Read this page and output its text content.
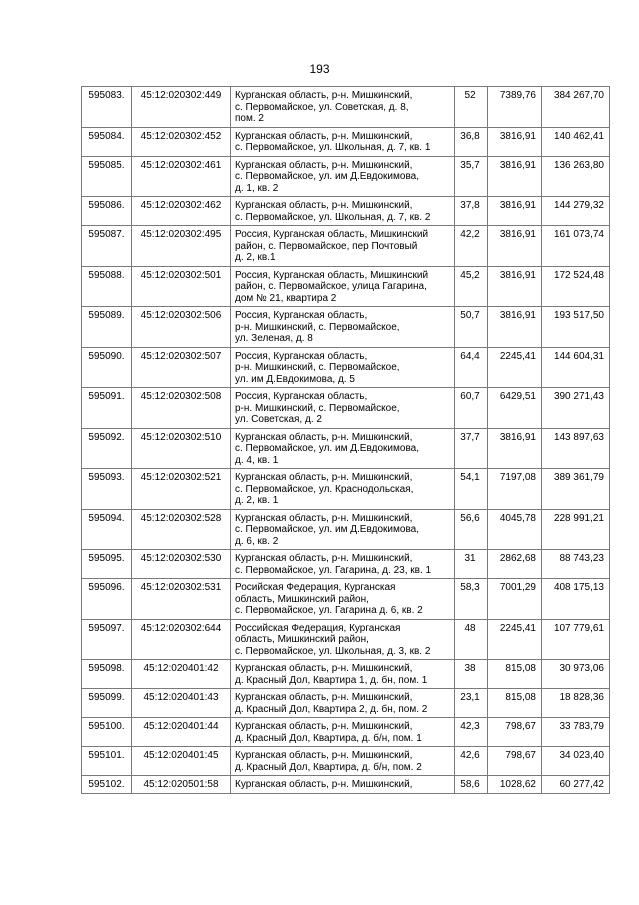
193
595083.	45:12:020302:449	Курганская область, р-н. Мишкинский,
с. Первомайское, ул. Советская, д. 8,
пом. 2	52	7389,76	384 267,70
595084.	45:12:020302:452	Курганская область, р-н. Мишкинский,
с. Первомайское, ул. Школьная, д. 7, кв. 1	36,8	3816,91	140 462,41
595085.	45:12:020302:461	Курганская область, р-н. Мишкинский,
с. Первомайское, ул. им Д.Евдокимова,
д. 1, кв. 2	35,7	3816,91	136 263,80
595086.	45:12:020302:462	Курганская область, р-н. Мишкинский,
с. Первомайское, ул. Школьная, д. 7, кв. 2	37,8	3816,91	144 279,32
595087.	45:12:020302:495	Россия, Курганская область, Мишкинский
район, с. Первомайское, пер Почтовый
д. 2, кв.1	42,2	3816,91	161 073,74
595088.	45:12:020302:501	Россия, Курганская область, Мишкинский
район, с. Первомайское, улица Гагарина,
дом № 21, квартира 2	45,2	3816,91	172 524,48
595089.	45:12:020302:506	Россия, Курганская область,
р-н. Мишкинский, с. Первомайское,
ул. Зеленая, д. 8	50,7	3816,91	193 517,50
595090.	45:12:020302:507	Россия, Курганская область,
р-н. Мишкинский, с. Первомайское,
ул. им Д.Евдокимова, д. 5	64,4	2245,41	144 604,31
595091.	45:12:020302:508	Россия, Курганская область,
р-н. Мишкинский, с. Первомайское,
ул. Советская, д. 2	60,7	6429,51	390 271,43
595092.	45:12:020302:510	Курганская область, р-н. Мишкинский,
с. Первомайское, ул. им Д.Евдокимова,
д. 4, кв. 1	37,7	3816,91	143 897,63
595093.	45:12:020302:521	Курганская область, р-н. Мишкинский,
с. Первомайское, ул. Краснодольская,
д. 2, кв. 1	54,1	7197,08	389 361,79
595094.	45:12:020302:528	Курганская область, р-н. Мишкинский,
с. Первомайское, ул. им Д.Евдокимова,
д. 6, кв. 2	56,6	4045,78	228 991,21
595095.	45:12:020302:530	Курганская область, р-н. Мишкинский,
с. Первомайское, ул. Гагарина, д. 23, кв. 1	31	2862,68	88 743,23
595096.	45:12:020302:531	Росийская Федерация, Курганская
область, Мишкинский район,
с. Первомайское, ул. Гагарина д. 6, кв. 2	58,3	7001,29	408 175,13
595097.	45:12:020302:644	Российская Федерация, Курганская
область, Мишкинский район,
с. Первомайское, ул. Школьная, д. 3, кв. 2	48	2245,41	107 779,61
595098.	45:12:020401:42	Курганская область, р-н. Мишкинский,
д. Красный Дол, Квартира 1, д. бн, пом. 1	38	815,08	30 973,06
595099.	45:12:020401:43	Курганская область, р-н. Мишкинский,
д. Красный Дол, Квартира 2, д. бн, пом. 2	23,1	815,08	18 828,36
595100.	45:12:020401:44	Курганская область, р-н. Мишкинский,
д. Красный Дол, Квартира, д. б/н, пом. 1	42,3	798,67	33 783,79
595101.	45:12:020401:45	Курганская область, р-н. Мишкинский,
д. Красный Дол, Квартира, д. б/н, пом. 2	42,6	798,67	34 023,40
595102.	45:12:020501:58	Курганская область, р-н. Мишкинский,	58,6	1028,62	60 277,42
